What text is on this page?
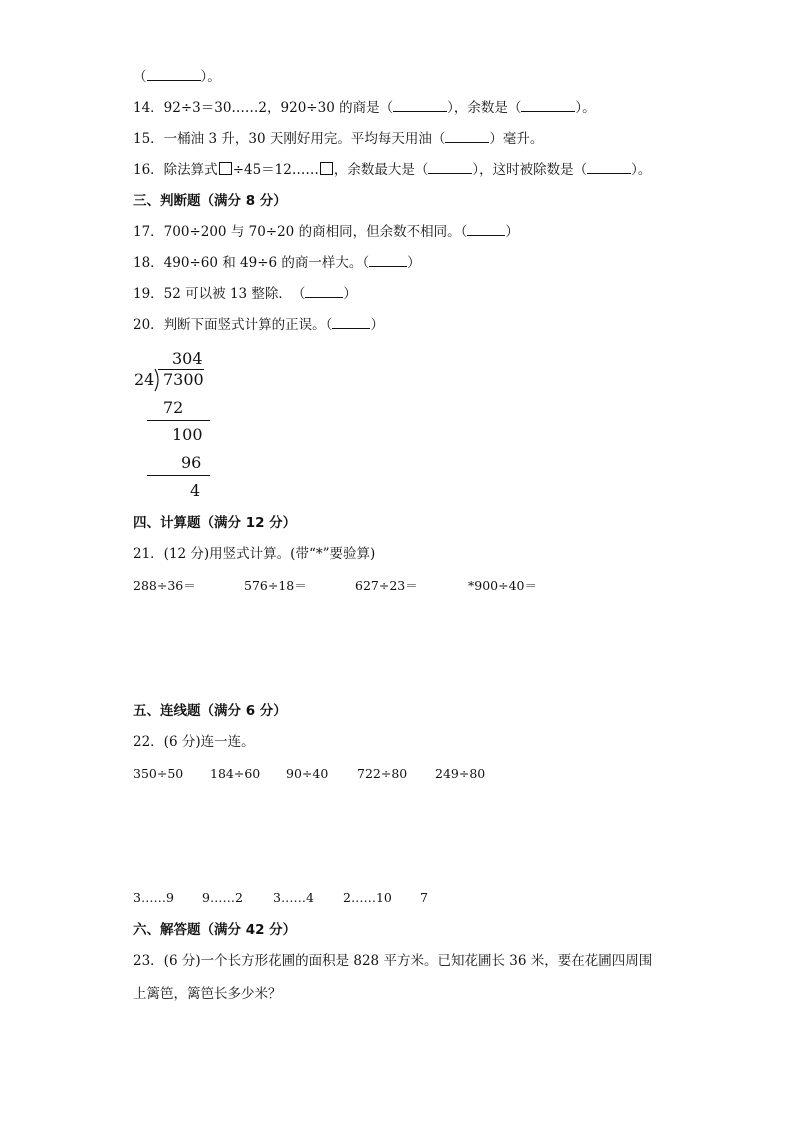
（	）。
14．92÷3＝30……2，920÷30 的商是（	），余数是（	）。
15．一桶油 3 升，30 天刚好用完。平均每天用油（	）毫升。
16．除法算式 ÷45＝12…… ，余数最大是（	），这时被除数是（	）。
三、判断题（满分 8 分）
17．700÷200 与 70÷20 的商相同，但余数不相同。（	）
18．490÷60 和 49÷6 的商一样大。（	）
19．52 可以被 13 整除．　（	）
20．判断下面竖式计算的正误。（	）
304
24 7300
72
100
96
4
四、计算题（满分 12 分）
21．(12 分)用竖式计算。(带“*”要验算)
288÷36＝	576÷18＝	627÷23＝	*900÷40＝
五、连线题（满分 6 分）
22．(6 分)连一连。
350÷50 184÷60 90÷40 722÷80 249÷80
3……9 9……2 3……4 2……10 7
六、解答题（满分 42 分）
23．(6 分)一个长方形花圃的面积是 828 平方米。已知花圃长 36 米，要在花圃四周围
上篱笆，篱笆长多少米？
